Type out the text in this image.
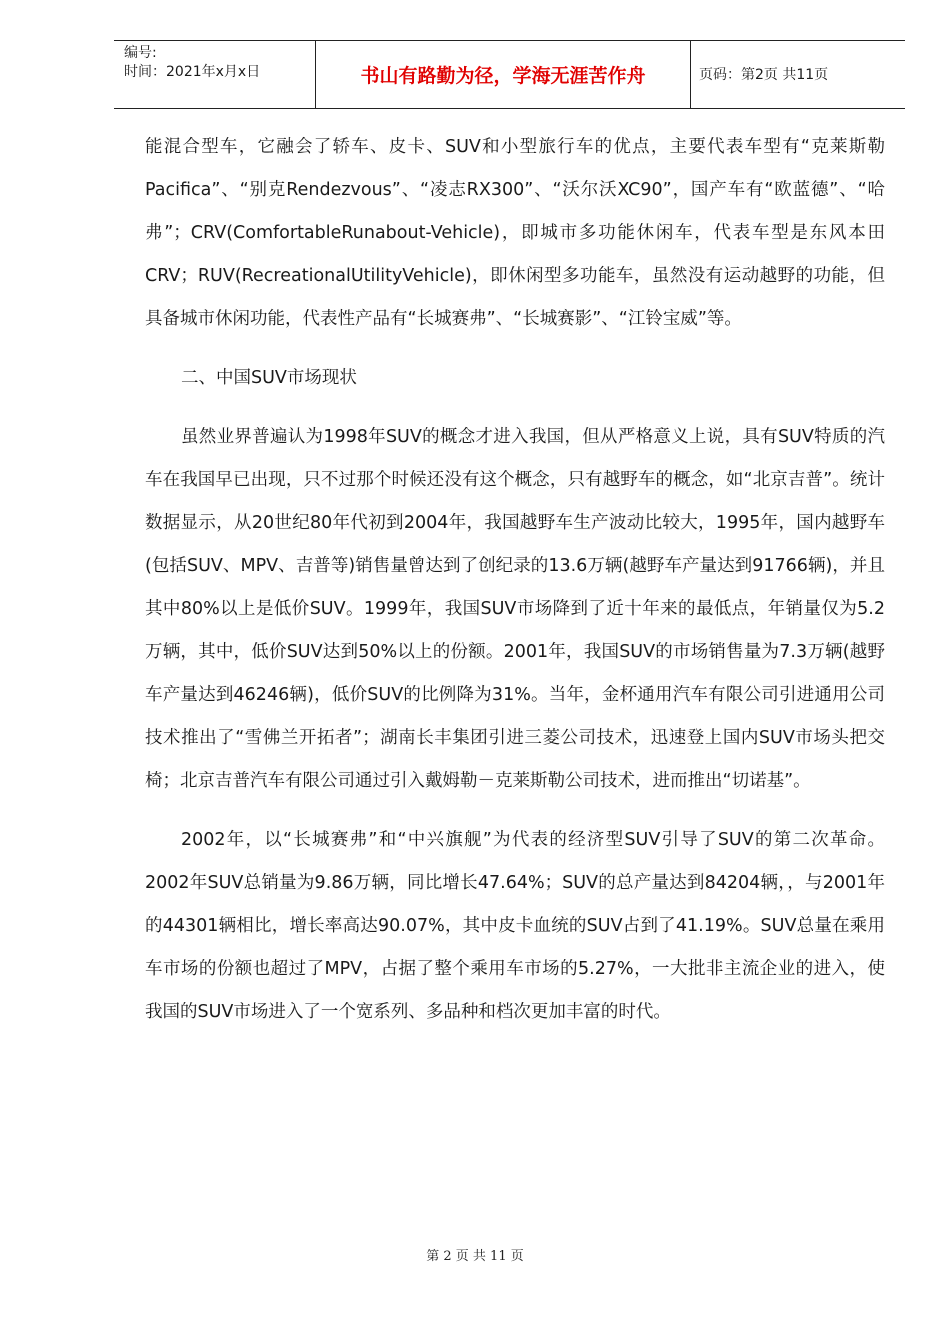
编号:
时间：2021年x月x日	书山有路勤为径，学海无涯苦作舟	页码：第2页 共11页

能混合型车，它融会了轿车、皮卡、SUV和小型旅行车的优点，主要代表车型有“克莱斯勒Pacifica”、“别克Rendezvous”、“凌志RX300”、“沃尔沃XC90”，国产车有“欧蓝德”、“哈弗”；CRV(ComfortableRunabout-Vehicle)，即城市多功能休闲车，代表车型是东风本田CRV；RUV(RecreationalUtilityVehicle)，即休闲型多功能车，虽然没有运动越野的功能，但具备城市休闲功能，代表性产品有“长城赛弗”、“长城赛影”、“江铃宝威”等。

二、中国SUV市场现状

虽然业界普遍认为1998年SUV的概念才进入我国，但从严格意义上说，具有SUV特质的汽车在我国早已出现，只不过那个时候还没有这个概念，只有越野车的概念，如“北京吉普”。统计数据显示，从20世纪80年代初到2004年，我国越野车生产波动比较大，1995年，国内越野车(包括SUV、MPV、吉普等)销售量曾达到了创纪录的13.6万辆(越野车产量达到91766辆)，并且其中80%以上是低价SUV。1999年，我国SUV市场降到了近十年来的最低点，年销量仅为5.2万辆，其中，低价SUV达到50%以上的份额。2001年，我国SUV的市场销售量为7.3万辆(越野车产量达到46246辆)，低价SUV的比例降为31%。当年，金杯通用汽车有限公司引进通用公司技术推出了“雪佛兰开拓者”；湖南长丰集团引进三菱公司技术，迅速登上国内SUV市场头把交椅；北京吉普汽车有限公司通过引入戴姆勒－克莱斯勒公司技术，进而推出“切诺基”。

2002年，以“长城赛弗”和“中兴旗舰”为代表的经济型SUV引导了SUV的第二次革命。2002年SUV总销量为9.86万辆，同比增长47.64%；SUV的总产量达到84204辆，，与2001年的44301辆相比，增长率高达90.07%，其中皮卡血统的SUV占到了41.19%。SUV总量在乘用车市场的份额也超过了MPV，占据了整个乘用车市场的5.27%，一大批非主流企业的进入，使我国的SUV市场进入了一个宽系列、多品种和档次更加丰富的时代。

第 2 页 共 11 页
